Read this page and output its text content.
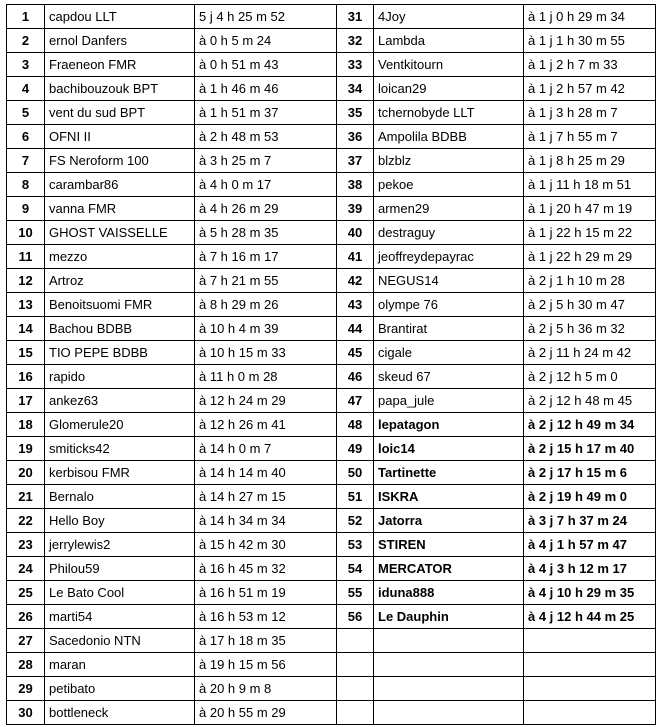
1	capdou LLT	5 j 4 h 25 m 52	31	4Joy	à 1 j 0 h 29 m 34
2	ernol Danfers	à 0 h 5 m 24	32	Lambda	à 1 j 1 h 30 m 55
3	Fraeneon FMR	à 0 h 51 m 43	33	Ventkitourn	à 1 j 2 h 7 m 33
4	bachibouzouk BPT	à 1 h 46 m 46	34	loican29	à 1 j 2 h 57 m 42
5	vent du sud BPT	à 1 h 51 m 37	35	tchernobyde LLT	à 1 j 3 h 28 m 7
6	OFNI II	à 2 h 48 m 53	36	Ampolila BDBB	à 1 j 7 h 55 m 7
7	FS Neroform 100	à 3 h 25 m 7	37	blzblz	à 1 j 8 h 25 m 29
8	carambar86	à 4 h 0 m 17	38	pekoe	à 1 j 11 h 18 m 51
9	vanna FMR	à 4 h 26 m 29	39	armen29	à 1 j 20 h 47 m 19
10	GHOST VAISSELLE	à 5 h 28 m 35	40	destraguy	à 1 j 22 h 15 m 22
11	mezzo	à 7 h 16 m 17	41	jeoffreydepayrac	à 1 j 22 h 29 m 29
12	Artroz	à 7 h 21 m 55	42	NEGUS14	à 2 j 1 h 10 m 28
13	Benoitsuomi FMR	à 8 h 29 m 26	43	olympe 76	à 2 j 5 h 30 m 47
14	Bachou BDBB	à 10 h 4 m 39	44	Brantirat	à 2 j 5 h 36 m 32
15	TIO PEPE BDBB	à 10 h 15 m 33	45	cigale	à 2 j 11 h 24 m 42
16	rapido	à 11 h 0 m 28	46	skeud 67	à 2 j 12 h 5 m 0
17	ankez63	à 12 h 24 m 29	47	papa_jule	à 2 j 12 h 48 m 45
18	Glomerule20	à 12 h 26 m 41	48	lepatagon	à 2 j 12 h 49 m 34
19	smiticks42	à 14 h 0 m 7	49	loic14	à 2 j 15 h 17 m 40
20	kerbisou FMR	à 14 h 14 m 40	50	Tartinette	à 2 j 17 h 15 m 6
21	Bernalo	à 14 h 27 m 15	51	ISKRA	à 2 j 19 h 49 m 0
22	Hello Boy	à 14 h 34 m 34	52	Jatorra	à 3 j 7 h 37 m 24
23	jerrylewis2	à 15 h 42 m 30	53	STIREN	à 4 j 1 h 57 m 47
24	Philou59	à 16 h 45 m 32	54	MERCATOR	à 4 j 3 h 12 m 17
25	Le Bato Cool	à 16 h 51 m 19	55	iduna888	à 4 j 10 h 29 m 35
26	marti54	à 16 h 53 m 12	56	Le Dauphin	à 4 j 12 h 44 m 25
27	Sacedonio NTN	à 17 h 18 m 35			
28	maran	à 19 h 15 m 56			
29	petibato	à 20 h 9 m 8			
30	bottleneck	à 20 h 55 m 29			
